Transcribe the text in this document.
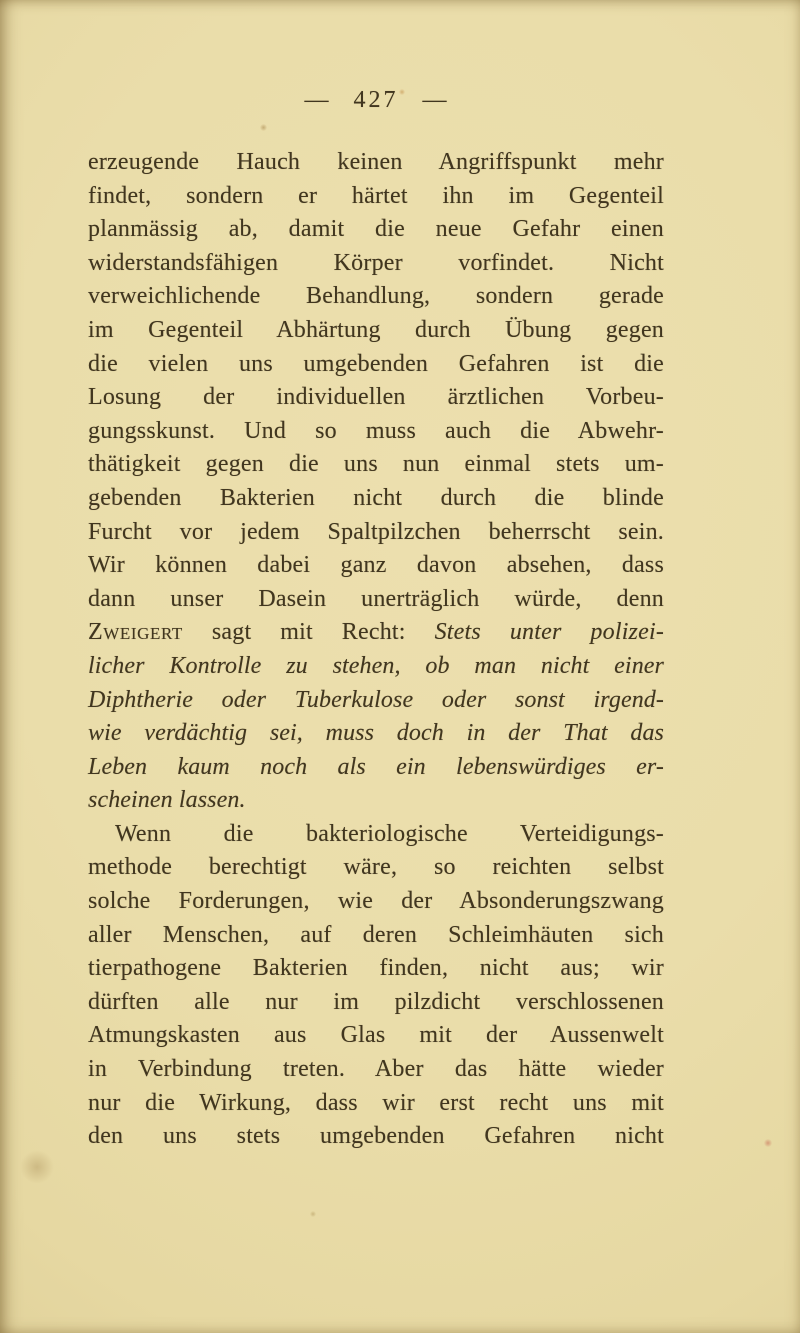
— 427 —
erzeugende Hauch keinen Angriffspunkt mehr
findet, sondern er härtet ihn im Gegenteil
planmässig ab, damit die neue Gefahr einen
widerstandsfähigen Körper vorfindet. Nicht
verweichlichende Behandlung, sondern gerade
im Gegenteil Abhärtung durch Übung gegen
die vielen uns umgebenden Gefahren ist die
Losung der individuellen ärztlichen Vorbeu-
gungsskunst. Und so muss auch die Abwehr-
thätigkeit gegen die uns nun einmal stets um-
gebenden Bakterien nicht durch die blinde
Furcht vor jedem Spaltpilzchen beherrscht sein.
Wir können dabei ganz davon absehen, dass
dann unser Dasein unerträglich würde, denn
Zweigert sagt mit Recht: Stets unter polizei-
licher Kontrolle zu stehen, ob man nicht einer
Diphtherie oder Tuberkulose oder sonst irgend-
wie verdächtig sei, muss doch in der That das
Leben kaum noch als ein lebenswürdiges er-
scheinen lassen.
Wenn die bakteriologische Verteidigungs-
methode berechtigt wäre, so reichten selbst
solche Forderungen, wie der Absonderungszwang
aller Menschen, auf deren Schleimhäuten sich
tierpathogene Bakterien finden, nicht aus; wir
dürften alle nur im pilzdicht verschlossenen
Atmungskasten aus Glas mit der Aussenwelt
in Verbindung treten. Aber das hätte wieder
nur die Wirkung, dass wir erst recht uns mit
den uns stets umgebenden Gefahren nicht
